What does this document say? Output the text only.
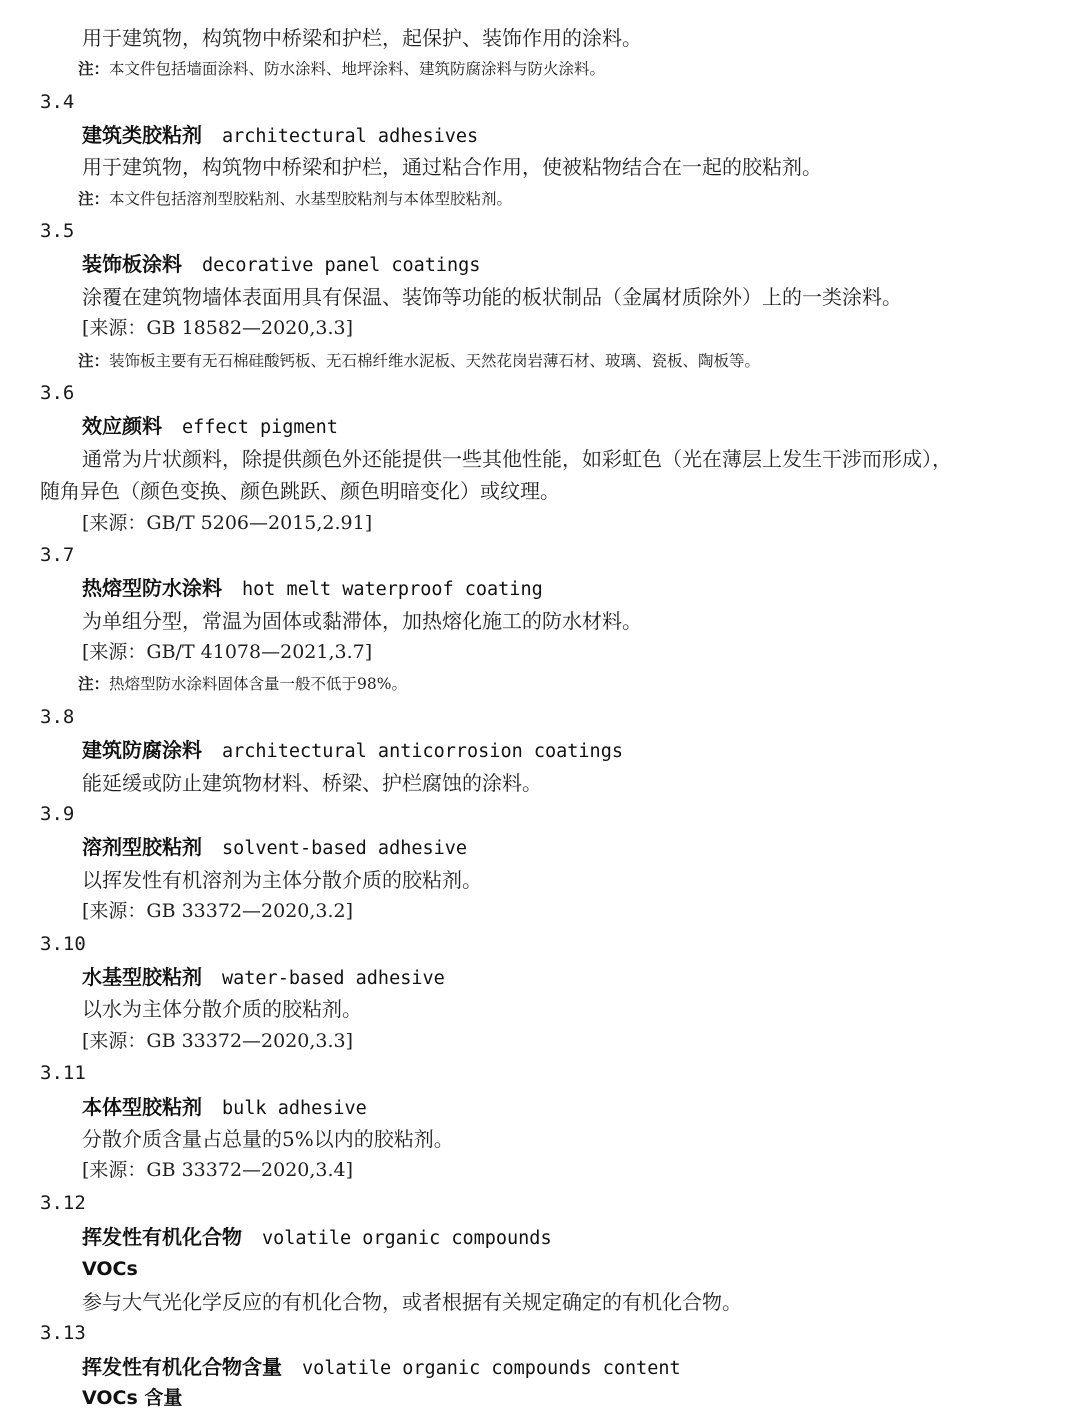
用于建筑物，构筑物中桥梁和护栏，起保护、装饰作用的涂料。
注：本文件包括墙面涂料、防水涂料、地坪涂料、建筑防腐涂料与防火涂料。
3.4
建筑类胶粘剂 architectural adhesives
用于建筑物，构筑物中桥梁和护栏，通过粘合作用，使被粘物结合在一起的胶粘剂。
注：本文件包括溶剂型胶粘剂、水基型胶粘剂与本体型胶粘剂。
3.5
装饰板涂料 decorative panel coatings
涂覆在建筑物墙体表面用具有保温、装饰等功能的板状制品（金属材质除外）上的一类涂料。
[来源：GB 18582—2020,3.3]
注：装饰板主要有无石棉硅酸钙板、无石棉纤维水泥板、天然花岗岩薄石材、玻璃、瓷板、陶板等。
3.6
效应颜料 effect pigment
通常为片状颜料，除提供颜色外还能提供一些其他性能，如彩虹色（光在薄层上发生干涉而形成），
随角异色（颜色变换、颜色跳跃、颜色明暗变化）或纹理。
[来源：GB/T 5206—2015,2.91]
3.7
热熔型防水涂料 hot melt waterproof coating
为单组分型，常温为固体或黏滞体，加热熔化施工的防水材料。
[来源：GB/T 41078—2021,3.7]
注：热熔型防水涂料固体含量一般不低于98%。
3.8
建筑防腐涂料 architectural anticorrosion coatings
能延缓或防止建筑物材料、桥梁、护栏腐蚀的涂料。
3.9
溶剂型胶粘剂 solvent-based adhesive
以挥发性有机溶剂为主体分散介质的胶粘剂。
[来源：GB 33372—2020,3.2]
3.10
水基型胶粘剂 water-based adhesive
以水为主体分散介质的胶粘剂。
[来源：GB 33372—2020,3.3]
3.11
本体型胶粘剂 bulk adhesive
分散介质含量占总量的5%以内的胶粘剂。
[来源：GB 33372—2020,3.4]
3.12
挥发性有机化合物 volatile organic compounds
VOCs
参与大气光化学反应的有机化合物，或者根据有关规定确定的有机化合物。
3.13
挥发性有机化合物含量 volatile organic compounds content
VOCs 含量
